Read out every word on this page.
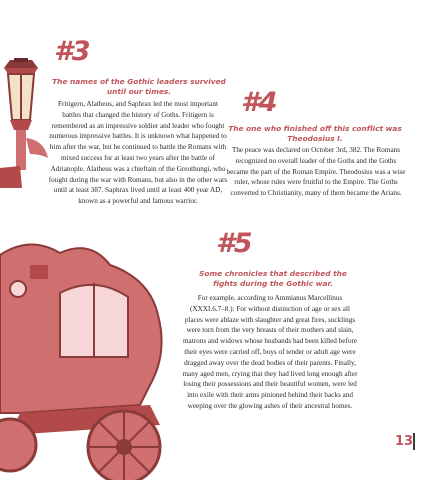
#3

The names of the Gothic leaders survived until our times.

Fritigern, Alatheus, and Saphrax led the most important battles that changed the history of Goths. Fritigern is remembered as an impressive soldier and leader who fought numerous impressive battles. It is unknown what happened to him after the war, but he continued to battle the Romans with mixed success for at least two years after the battle of Adrianople. Alatheus was a chieftain of the Greuthungi, who fought during the war with Romans, but also in the other wars until at least 387. Saphrax lived until at least 400 year AD, known as a powerful and famous warrior.

#4

The one who finished off this conflict was Theodosius I.

The peace was declared on October 3rd, 382. The Romans recognized no overall leader of the Goths and the Goths became the part of the Roman Empire. Theodosius was a wise ruler, whose rules were fruitful to the Empire. The Goths converted to Christianity, many of them became the Arians.

#5

Some chronicles that described the fights during the Gothic war.

For example, according to Ammianus Marcellinus (XXXI.6.7–8.): For without distinction of age or sex all places were ablaze with slaughter and great fires, sucklings were torn from the very breasts of their mothers and slain, matrons and widows whose husbands had been killed before their eyes were carried off, boys of tender or adult age were dragged away over the dead bodies of their parents. Finally, many aged men, crying that they had lived long enough after losing their possessions and their beautiful women, were led into exile with their arms pinioned behind their backs and weeping over the glowing ashes of their ancestral homes.

13
